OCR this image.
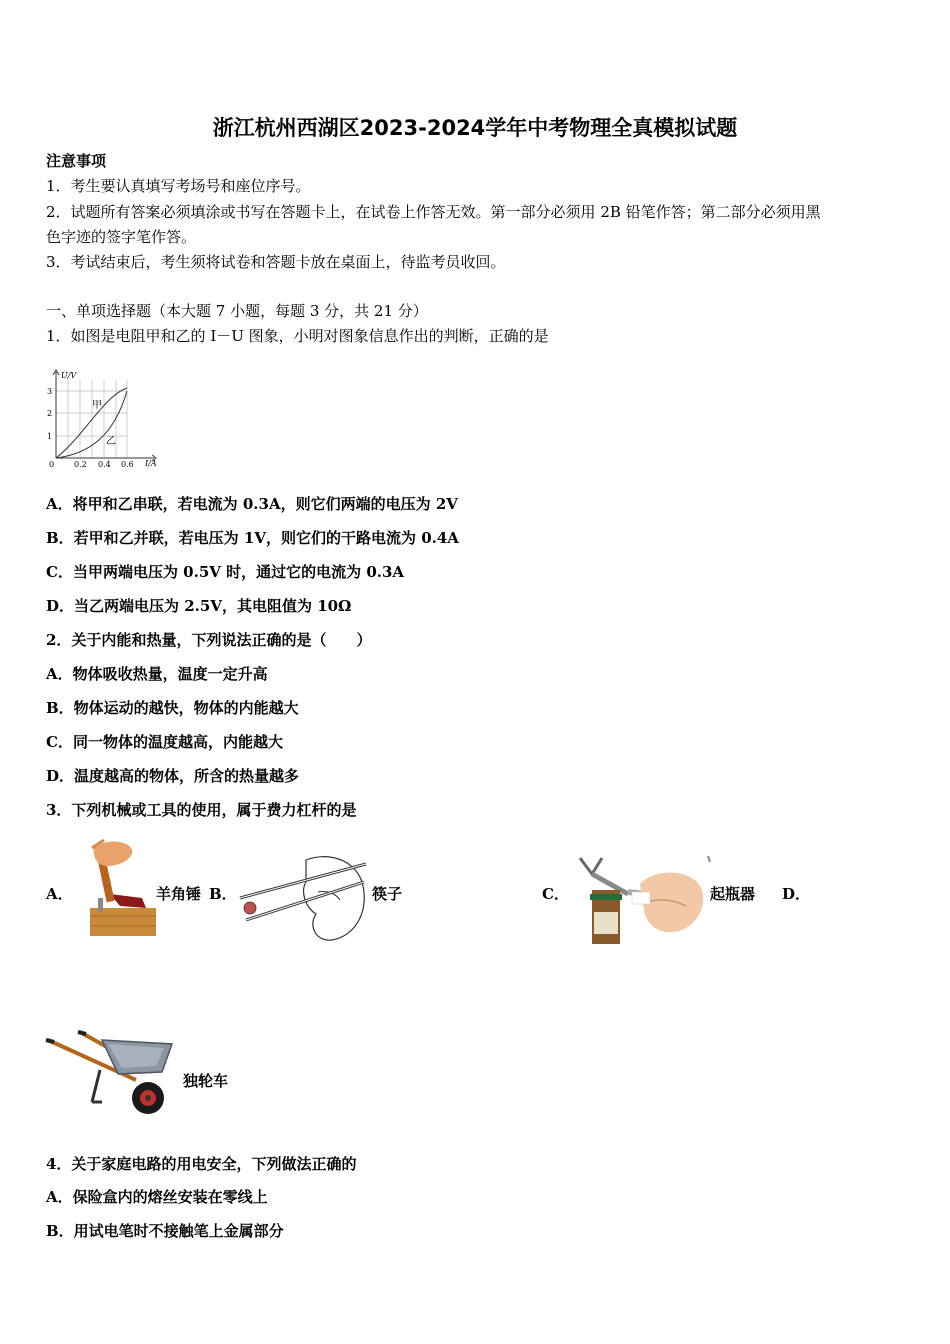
浙江杭州西湖区2023-2024学年中考物理全真模拟试题
注意事项
1．考生要认真填写考场号和座位序号。
2．试题所有答案必须填涂或书写在答题卡上，在试卷上作答无效。第一部分必须用 2B 铅笔作答；第二部分必须用黑
色字迹的签字笔作答。
3．考试结束后，考生须将试卷和答题卡放在桌面上，待监考员收回。
一、单项选择题（本大题 7 小题，每题 3 分，共 21 分）
1．如图是电阻甲和乙的 I－U 图象，小明对图象信息作出的判断，正确的是
U/V
I/A
0
1
2
3
0.2 0.4 0.6
甲
乙
A．将甲和乙串联，若电流为 0.3A，则它们两端的电压为 2V
B．若甲和乙并联，若电压为 1V，则它们的干路电流为 0.4A
C．当甲两端电压为 0.5V 时，通过它的电流为 0.3A
D．当乙两端电压为 2.5V，其电阻值为 10Ω
2．关于内能和热量，下列说法正确的是（　　）
A．物体吸收热量，温度一定升高
B．物体运动的越快，物体的内能越大
C．同一物体的温度越高，内能越大
D．温度越高的物体，所含的热量越多
3．下列机械或工具的使用，属于费力杠杆的是
A．	羊角锤 B．	筷子	C．	起瓶器 D．
独轮车
4．关于家庭电路的用电安全，下列做法正确的
A．保险盒内的熔丝安装在零线上
B．用试电笔时不接触笔上金属部分
